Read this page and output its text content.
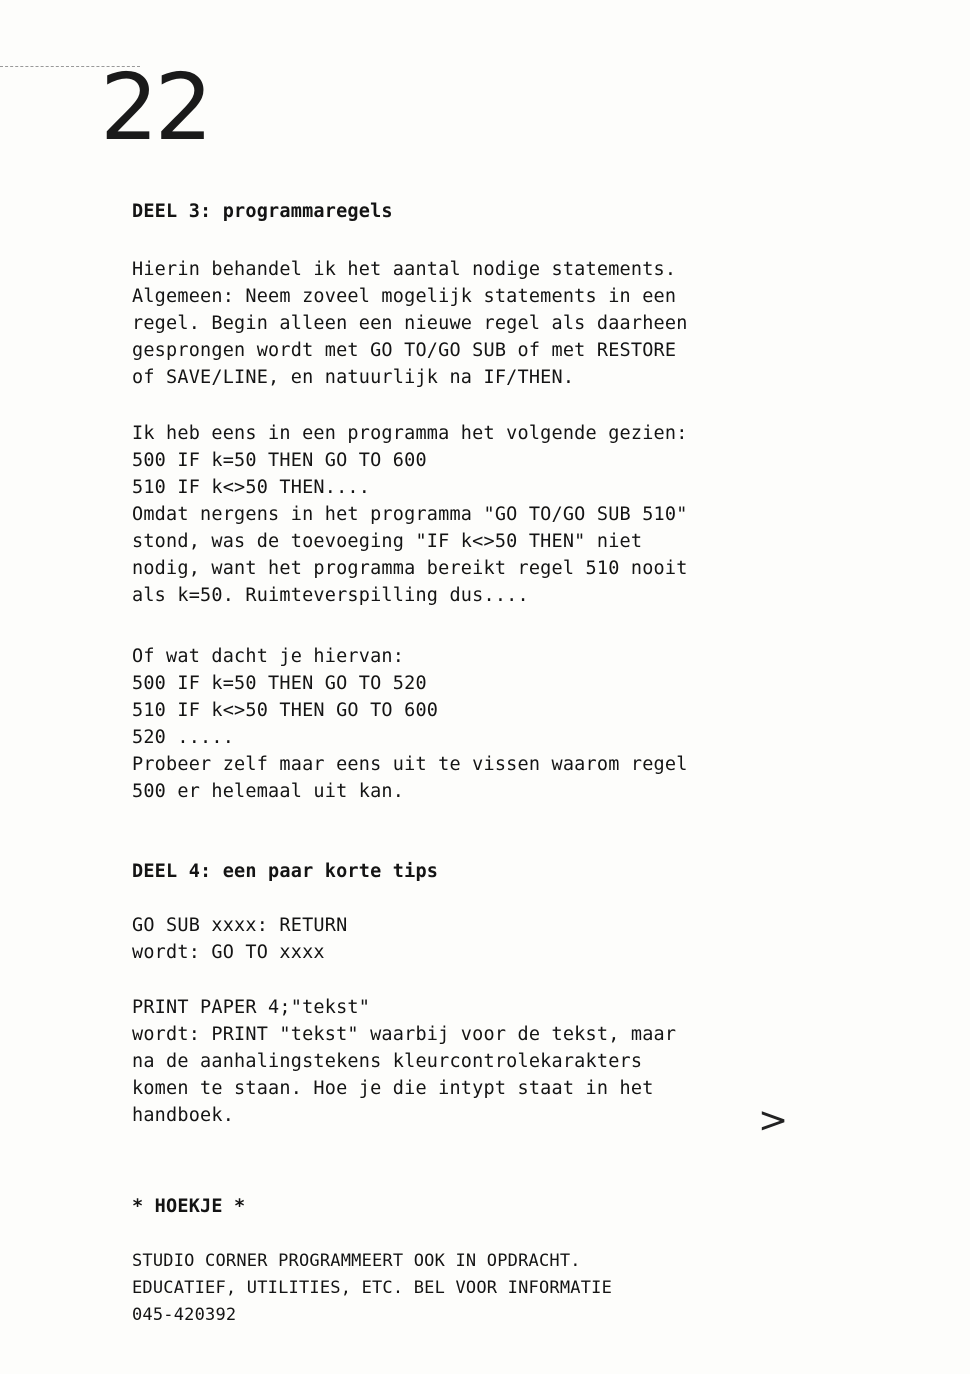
22
DEEL 3: programmaregels
Hierin behandel ik het aantal nodige statements.
Algemeen: Neem zoveel mogelijk statements in een
regel. Begin alleen een nieuwe regel als daarheen
gesprongen wordt met GO TO/GO SUB of met RESTORE
of SAVE/LINE, en natuurlijk na IF/THEN.
Ik heb eens in een programma het volgende gezien:
500 IF k=50 THEN GO TO 600
510 IF k<>50 THEN....
Omdat nergens in het programma "GO TO/GO SUB 510"
stond, was de toevoeging "IF k<>50 THEN" niet
nodig, want het programma bereikt regel 510 nooit
als k=50. Ruimteverspilling dus....
Of wat dacht je hiervan:
500 IF k=50 THEN GO TO 520
510 IF k<>50 THEN GO TO 600
520 .....
Probeer zelf maar eens uit te vissen waarom regel
500 er helemaal uit kan.
DEEL 4: een paar korte tips
GO SUB xxxx: RETURN
wordt: GO TO xxxx
PRINT PAPER 4;"tekst"
wordt: PRINT "tekst" waarbij voor de tekst, maar
na de aanhalingstekens kleurcontrolekarakters
komen te staan. Hoe je die intypt staat in het
handboek.	>
* HOEKJE *
STUDIO CORNER PROGRAMMEERT OOK IN OPDRACHT.
EDUCATIEF, UTILITIES, ETC. BEL VOOR INFORMATIE
045-420392
